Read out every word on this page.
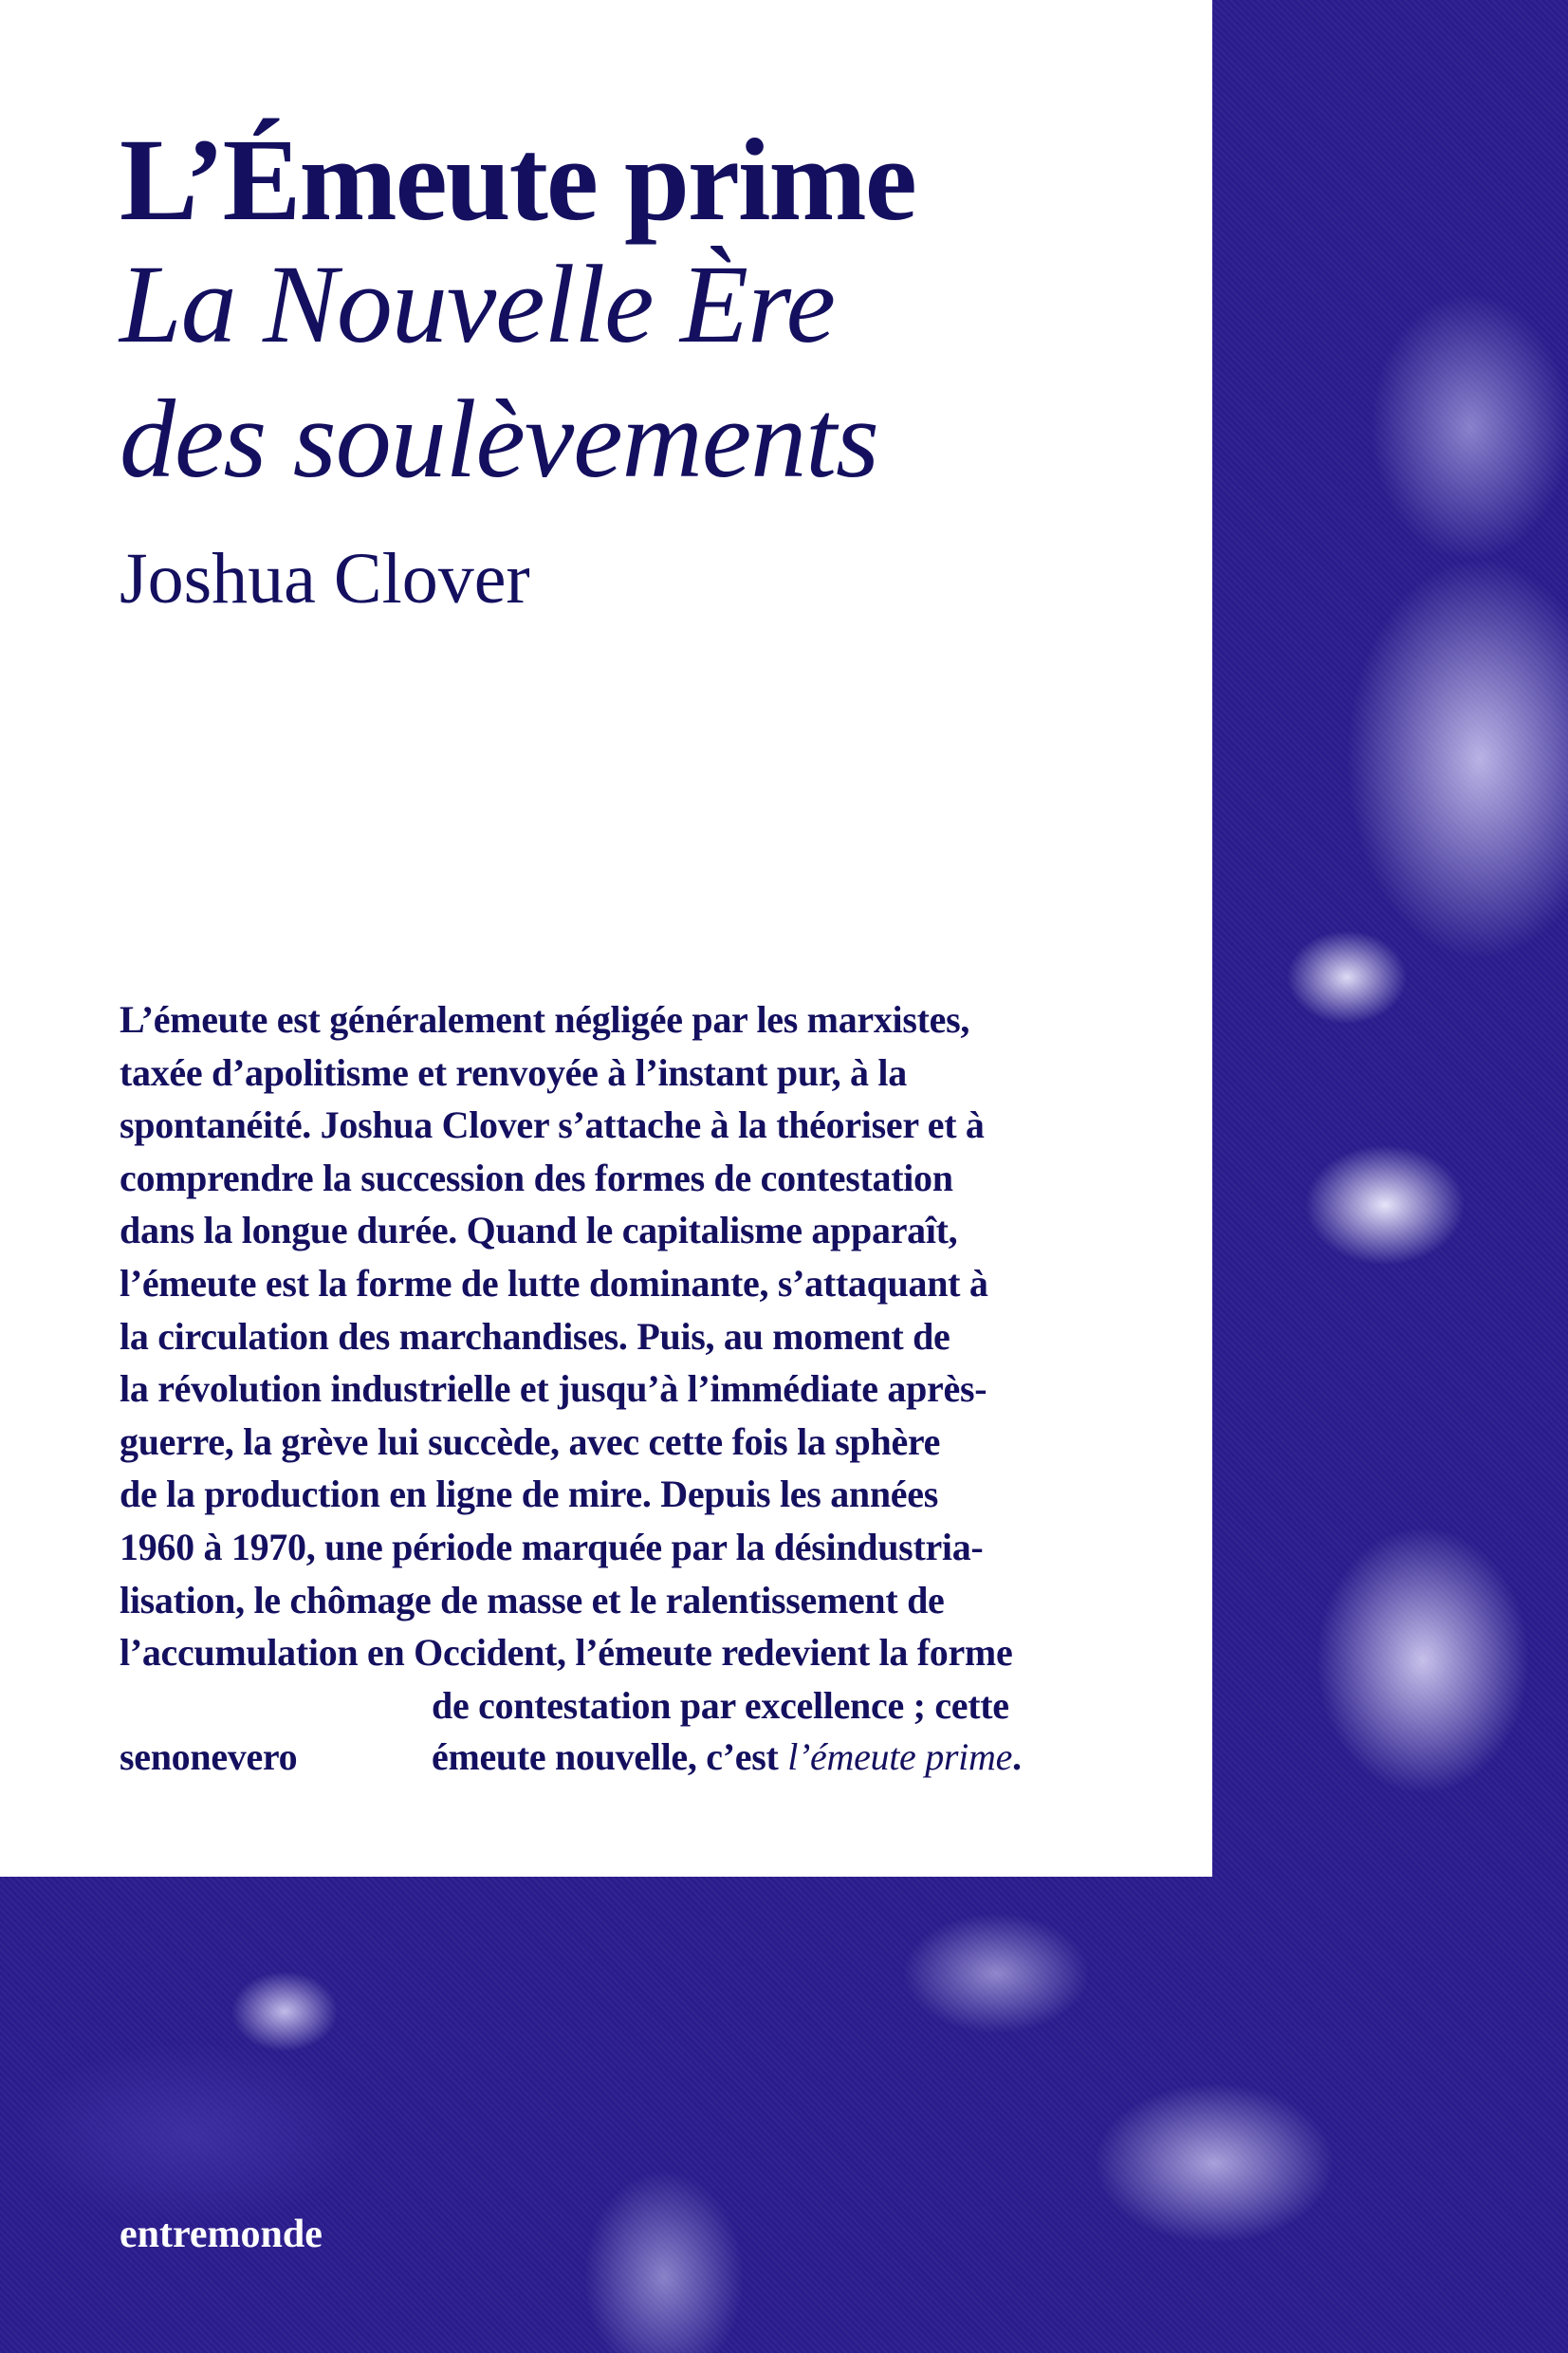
L’Émeute prime
La Nouvelle Ère
des soulèvements
Joshua Clover
L’émeute est généralement négligée par les marxistes,
taxée d’apolitisme et renvoyée à l’instant pur, à la
spontanéité. Joshua Clover s’attache à la théoriser et à
comprendre la succession des formes de contestation
dans la longue durée. Quand le capitalisme apparaît,
l’émeute est la forme de lutte dominante, s’attaquant à
la circulation des marchandises. Puis, au moment de
la révolution industrielle et jusqu’à l’immédiate après-
guerre, la grève lui succède, avec cette fois la sphère
de la production en ligne de mire. Depuis les années
1960 à 1970, une période marquée par la désindustria-
lisation, le chômage de masse et le ralentissement de
l’accumulation en Occident, l’émeute redevient la forme
de contestation par excellence ; cette
senonevero	émeute nouvelle, c’est l’émeute prime.
entremonde
